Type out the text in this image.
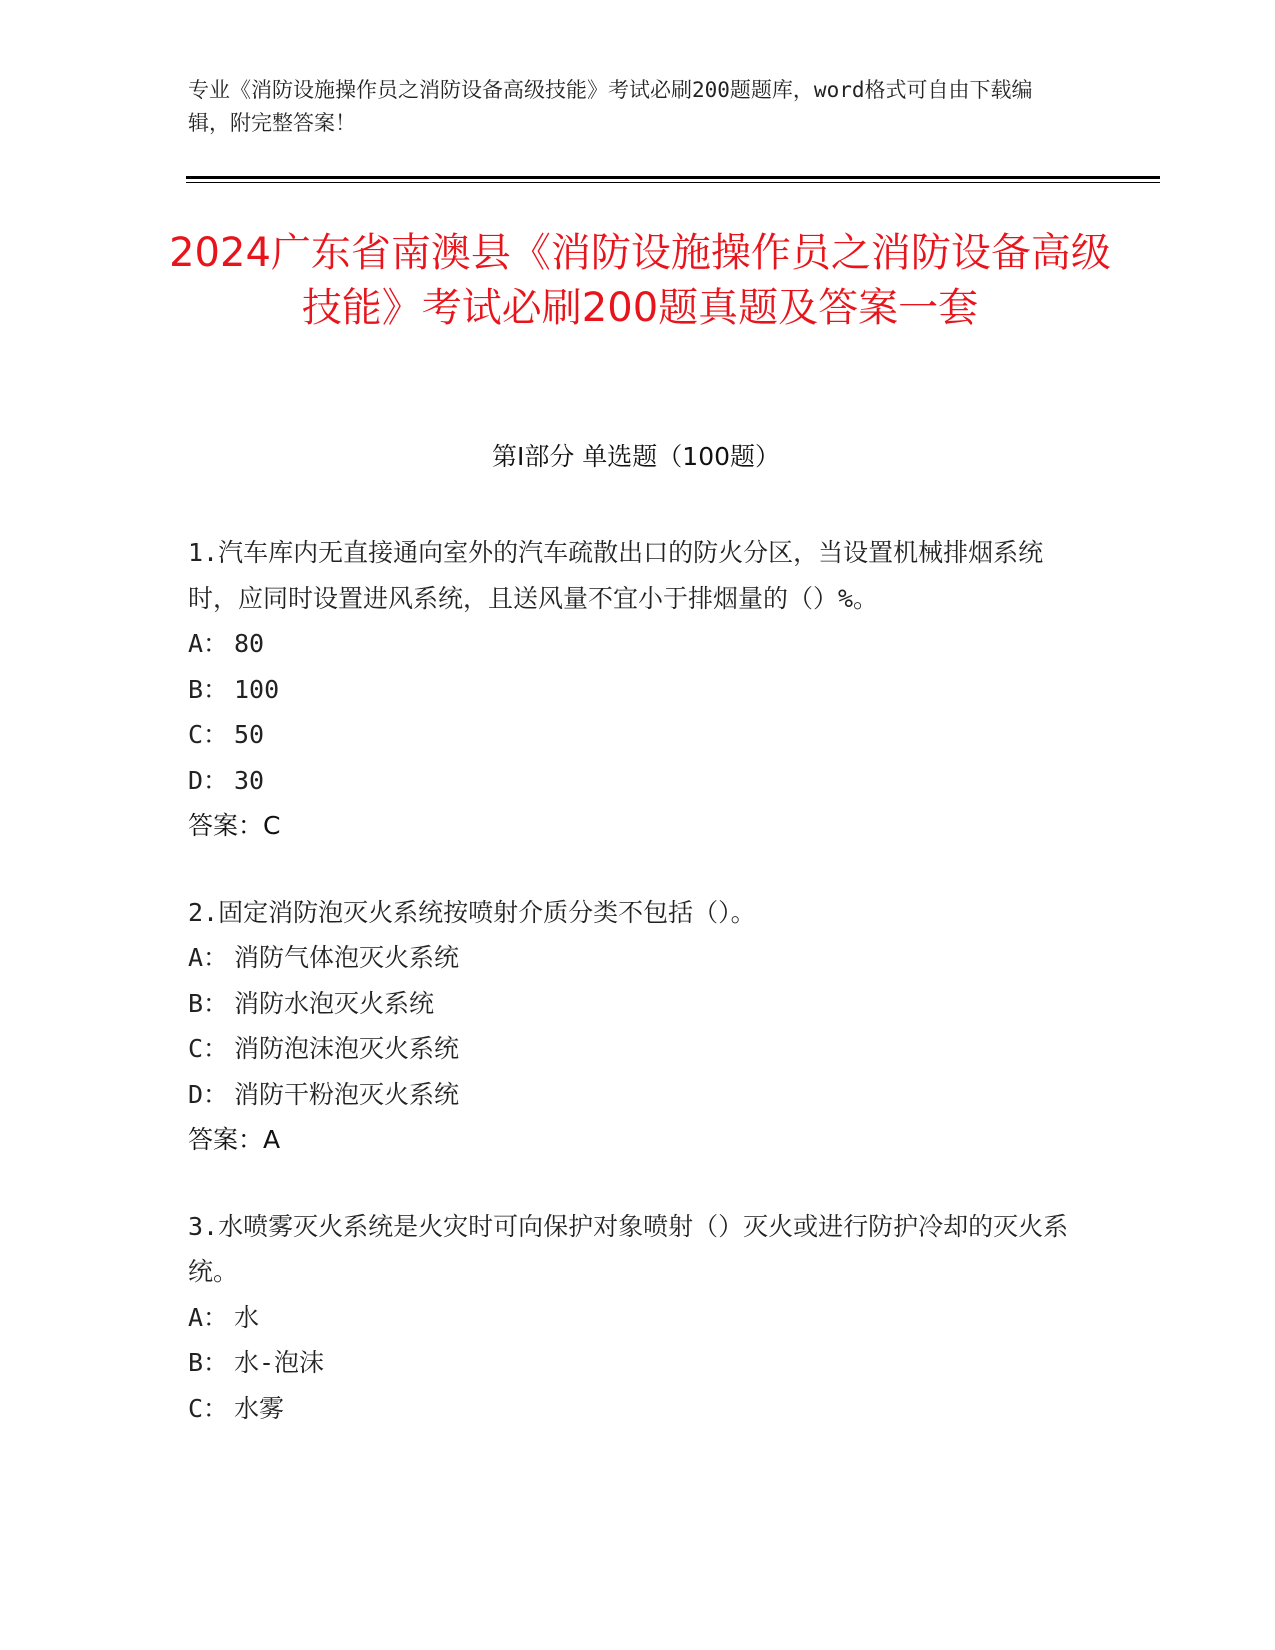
专业《消防设施操作员之消防设备高级技能》考试必刷200题题库，word格式可自由下载编辑，附完整答案！
2024广东省南澳县《消防设施操作员之消防设备高级技能》考试必刷200题真题及答案一套
第I部分 单选题（100题）

1.汽车库内无直接通向室外的汽车疏散出口的防火分区，当设置机械排烟系统时，应同时设置进风系统，且送风量不宜小于排烟量的（）%。

A： 80

B： 100

C： 50

D： 30

答案：C

2.固定消防泡灭火系统按喷射介质分类不包括（）。

A： 消防气体泡灭火系统

B： 消防水泡灭火系统

C： 消防泡沫泡灭火系统

D： 消防干粉泡灭火系统

答案：A

3.水喷雾灭火系统是火灾时可向保护对象喷射（）灭火或进行防护冷却的灭火系统。

A： 水

B： 水-泡沫

C： 水雾
